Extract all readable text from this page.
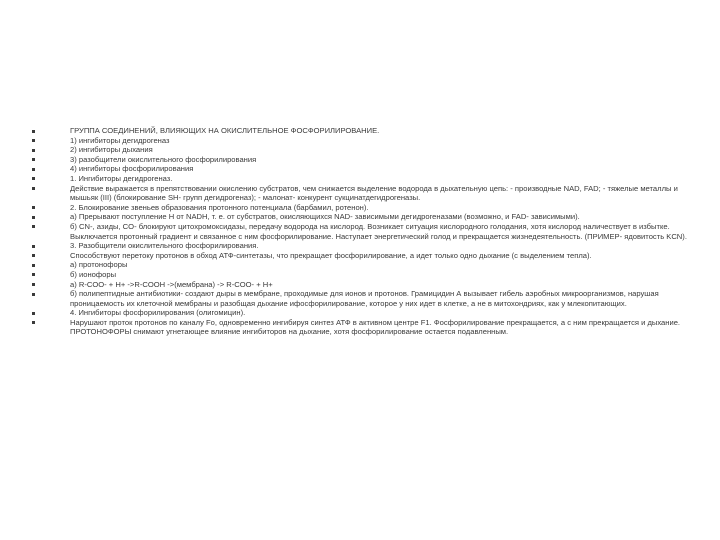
ГРУППА СОЕДИНЕНИЙ, ВЛИЯЮЩИХ НА ОКИСЛИТЕЛЬНОЕ ФОСФОРИЛИРОВАНИЕ.
1) ингибиторы дегидрогеназ
2) ингибиторы дыхания
3) разобщители окислительного фосфорилирования
4) ингибиторы фосфорилирования
1. Ингибиторы дегидрогеназ.
Действие выражается в препятствовании окислению субстратов, чем снижается выделение водорода в дыхательную цепь: - производные NAD, FAD; - тяжелые металлы и мышьяк (III) (блокирование SH- групп дегидрогеназ); - малонат- конкурент сукцинатдегидрогеназы.
2. Блокирование звеньев образования протонного потенциала (барбамил, ротенон).
а) Прерывают поступление H от NADH, т. е. от субстратов, окисляющихся NAD- зависимыми дегидрогеназами (возможно, и FAD- зависимыми).
б) CN-, азиды, CO- блокируют цитохромоксидазы, передачу водорода на кислород. Возникает ситуация кислородного голодания, хотя кислород наличествует в избытке. Выключается протонный градиент и связанное с ним фосфорилирование. Наступает энергетический голод и прекращается жизнедеятельность. (ПРИМЕР- ядовитость KCN).
3. Разобщители окислительного фосфорилирования.
Способствуют перетоку протонов в обход АТФ-синтетазы, что прекращает фосфорилирование, а идет только одно дыхание (с выделением тепла).
а) протонофоры
б) ионофоры
а) R-COO- + H+ ->R-COOH ->(мембрана) -> R-COO- + H+
б) полипептидные антибиотики- создают дыры в мембране, проходимые для ионов и протонов. Грамицидин А вызывает гибель аэробных микроорганизмов, нарушая проницаемость их клеточной мембраны и разобщая дыхание ифосфорилирование, которое у них идет в клетке, а не в митохондриях, как у млекопитающих.
4. Ингибиторы фосфорилирования (олигомицин).
Нарушают проток протонов по каналу Fo, одновременно ингибируя синтез АТФ в активном центре F1. Фосфорилирование прекращается, а с ним прекращается и дыхание. ПРОТОНОФОРЫ снимают угнетающее влияние ингибиторов на дыхание, хотя фосфорилирование остается подавленным.
